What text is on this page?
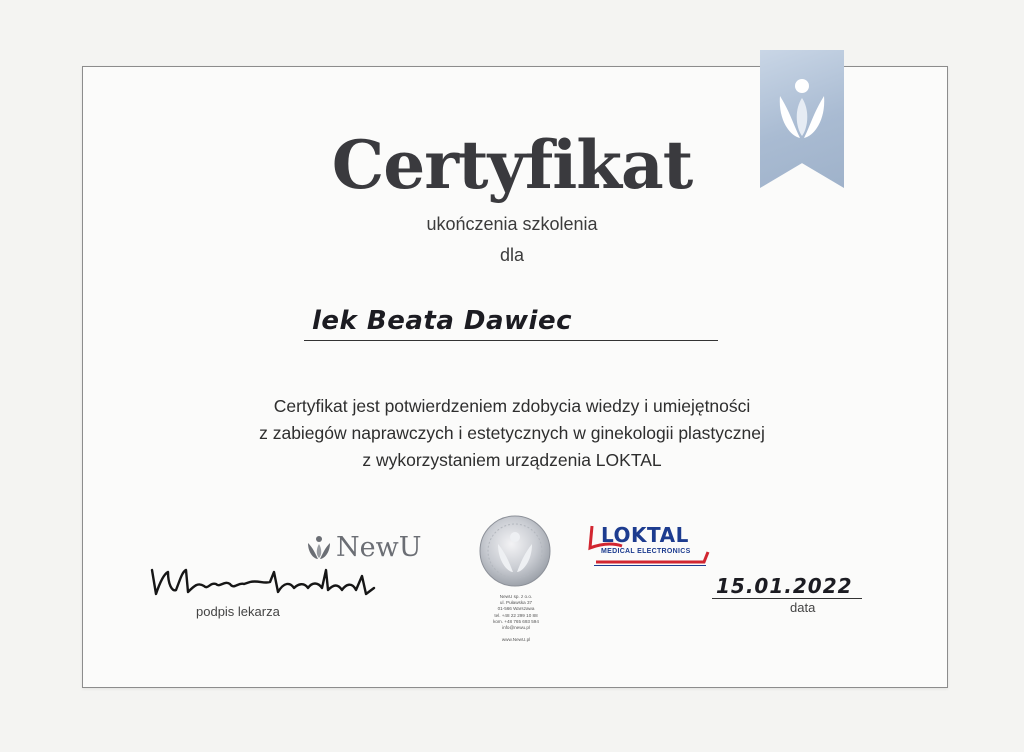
Certyfikat
ukończenia szkolenia
dla
lek Beata Dawiec
Certyfikat jest potwierdzeniem zdobycia wiedzy i umiejętności
z zabiegów naprawczych i estetycznych w ginekologii plastycznej
z wykorzystaniem urządzenia LOKTAL
NewU
NewU sp. z o.o.
ul. Puławska 37
01-566 Warszawa
tel. +48 22 299 10 88
kom. +48 765 693 594
info@newu.pl
www.NewU.pl
LOKTAL
MEDICAL ELECTRONICS
podpis lekarza
15.01.2022
data
